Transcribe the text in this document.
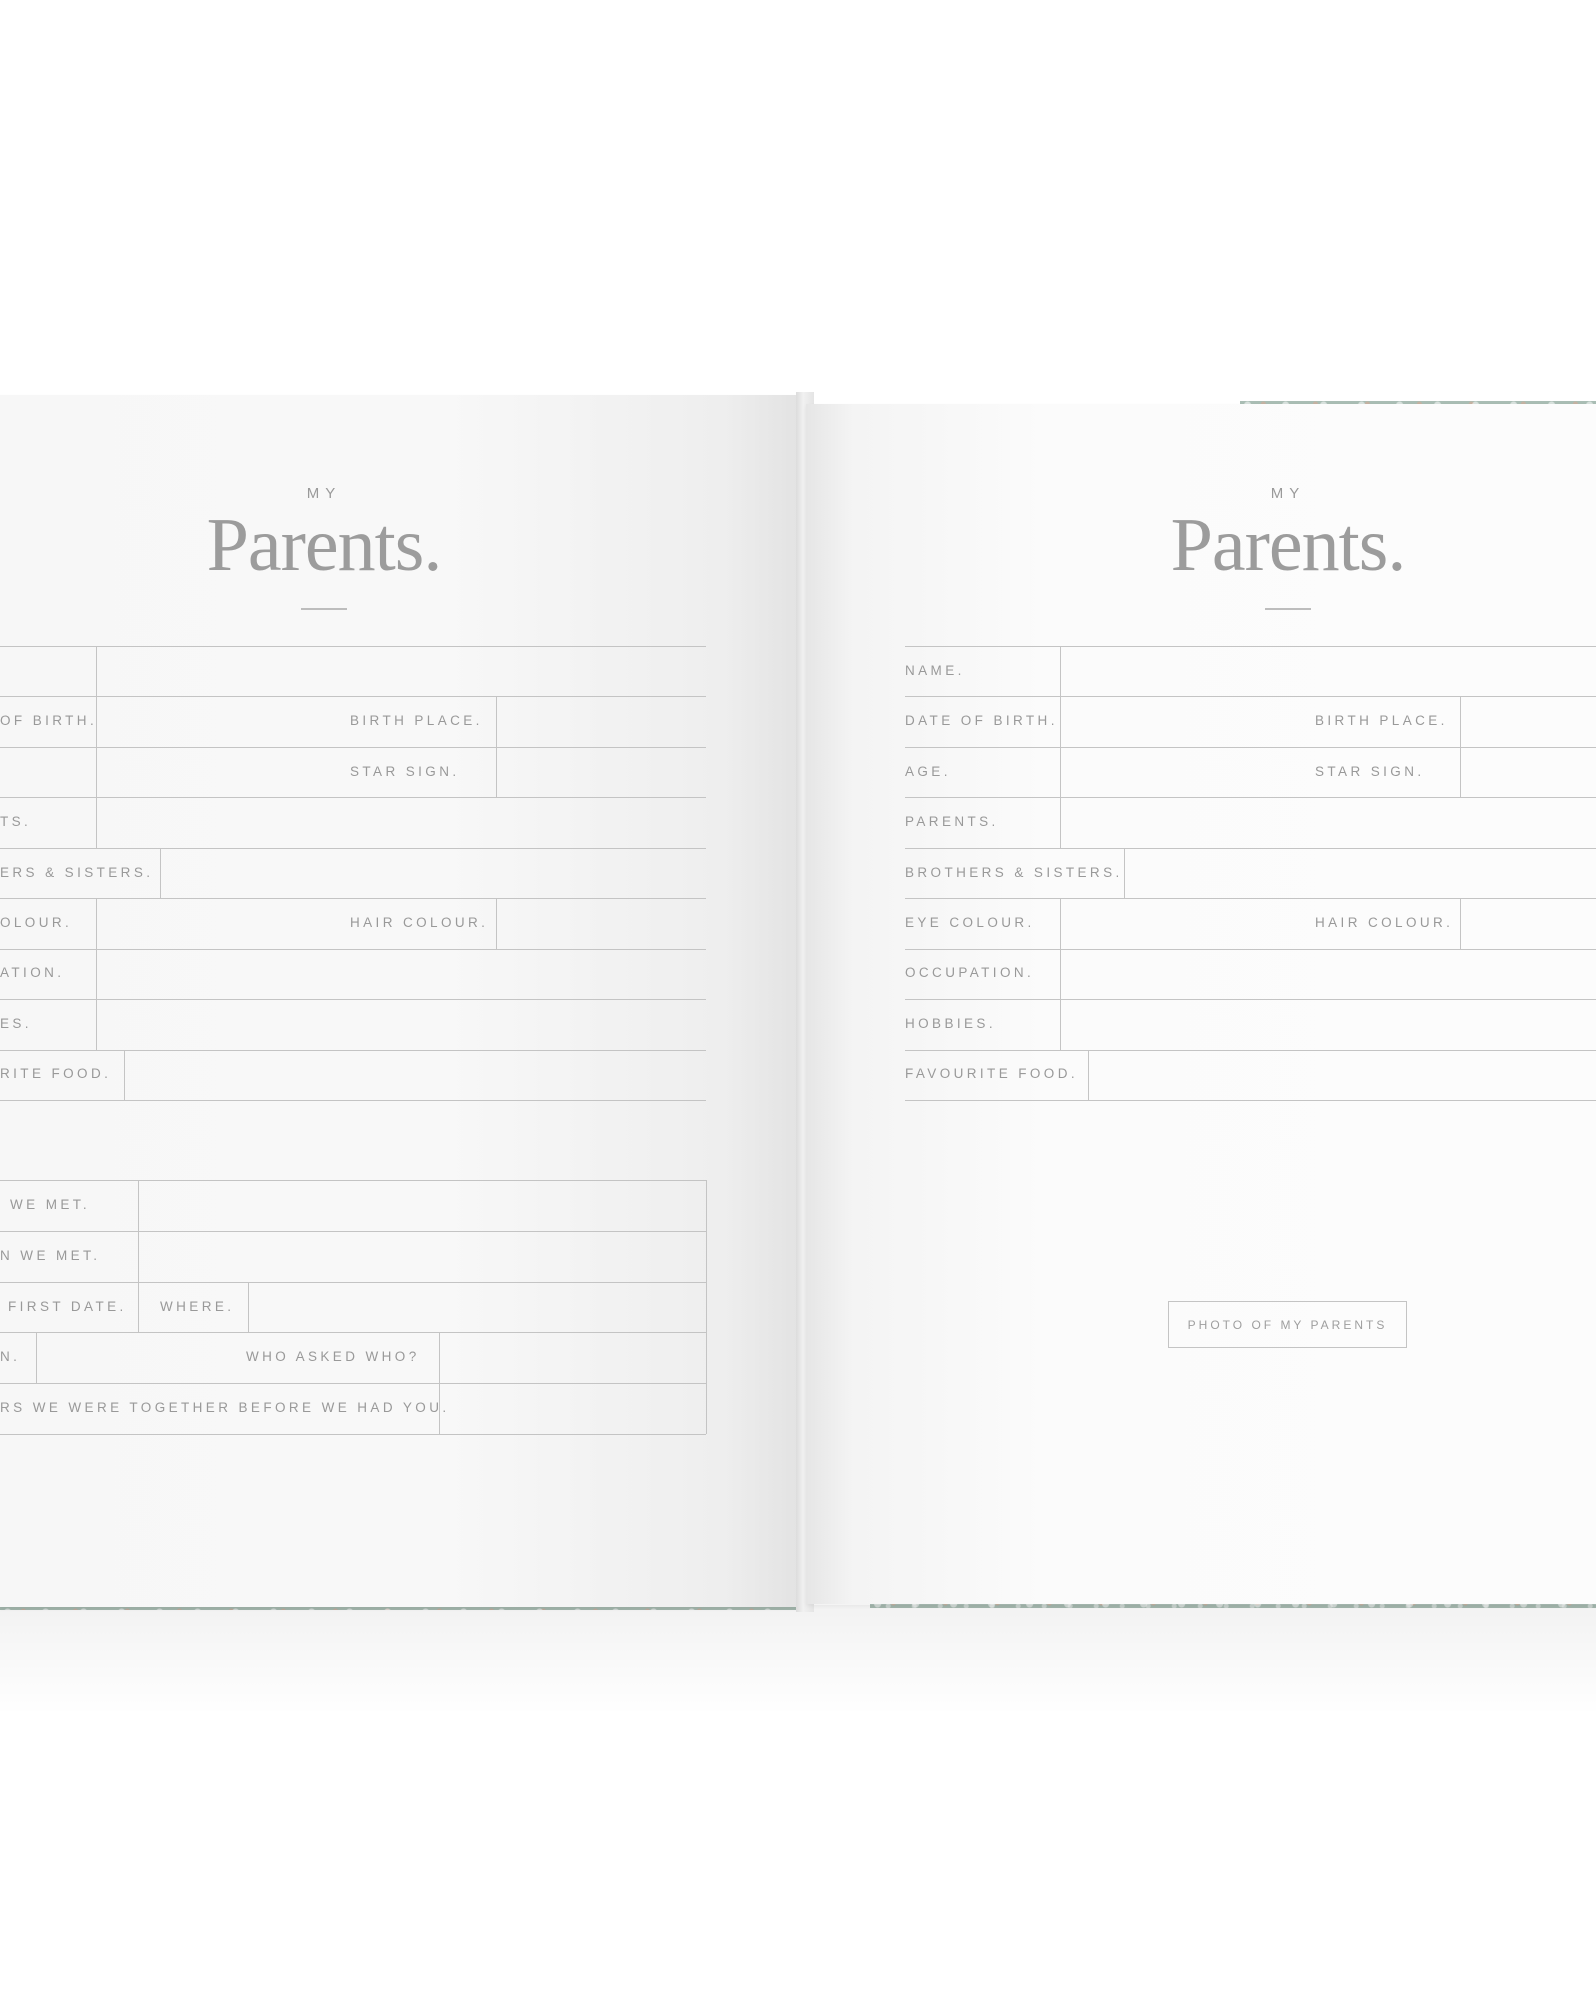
MY
Parents.
OF BIRTH.	BIRTH PLACE.
STAR SIGN.
TS.
ERS & SISTERS.
OLOUR.	HAIR COLOUR.
ATION.
ES.
RITE FOOD.
WE MET.
N WE MET.
FIRST DATE. WHERE.
N.	WHO ASKED WHO?
RS WE WERE TOGETHER BEFORE WE HAD YOU.
MY
Parents.
NAME.
DATE OF BIRTH.	BIRTH PLACE.
AGE.	STAR SIGN.
PARENTS.
BROTHERS & SISTERS.
EYE COLOUR.	HAIR COLOUR.
OCCUPATION.
HOBBIES.
FAVOURITE FOOD.
PHOTO OF MY PARENTS
